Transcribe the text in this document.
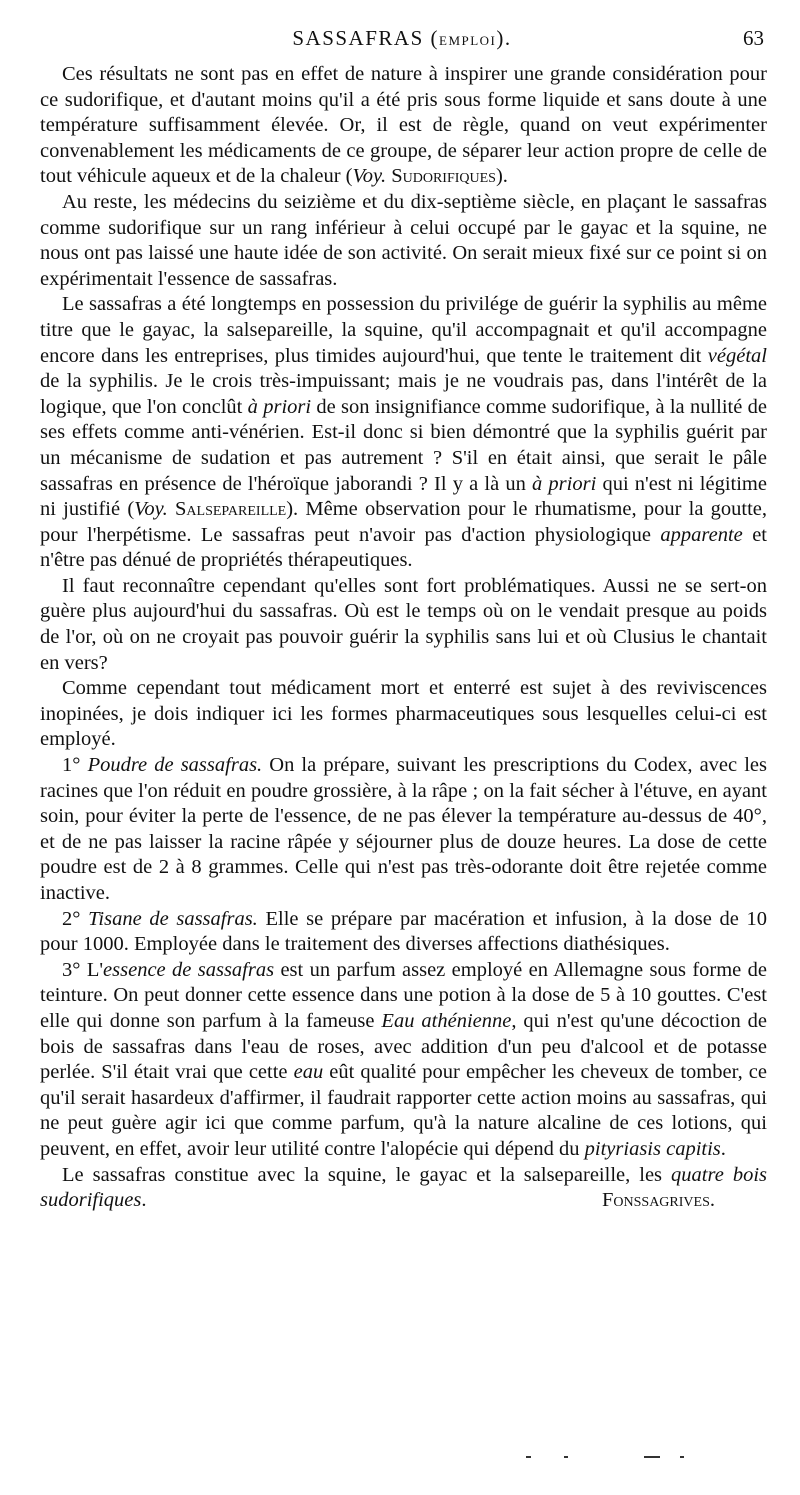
SASSAFRAS (emploi).	63

Ces résultats ne sont pas en effet de nature à inspirer une grande considération pour ce sudorifique, et d'autant moins qu'il a été pris sous forme liquide et sans doute à une température suffisamment élevée. Or, il est de règle, quand on veut expérimenter convenablement les médicaments de ce groupe, de séparer leur action propre de celle de tout véhicule aqueux et de la chaleur (Voy. Sudorifiques).

Au reste, les médecins du seizième et du dix-septième siècle, en plaçant le sassafras comme sudorifique sur un rang inférieur à celui occupé par le gayac et la squine, ne nous ont pas laissé une haute idée de son activité. On serait mieux fixé sur ce point si on expérimentait l'essence de sassafras.

Le sassafras a été longtemps en possession du privilége de guérir la syphilis au même titre que le gayac, la salsepareille, la squine, qu'il accompagnait et qu'il accompagne encore dans les entreprises, plus timides aujourd'hui, que tente le traitement dit végétal de la syphilis. Je le crois très-impuissant; mais je ne voudrais pas, dans l'intérêt de la logique, que l'on conclût à priori de son insignifiance comme sudorifique, à la nullité de ses effets comme anti-vénérien. Est-il donc si bien démontré que la syphilis guérit par un mécanisme de sudation et pas autrement ? S'il en était ainsi, que serait le pâle sassafras en présence de l'héroïque jaborandi ? Il y a là un à priori qui n'est ni légitime ni justifié (Voy. Salsepareille). Même observation pour le rhumatisme, pour la goutte, pour l'herpétisme. Le sassafras peut n'avoir pas d'action physiologique apparente et n'être pas dénué de propriétés thérapeutiques.

Il faut reconnaître cependant qu'elles sont fort problématiques. Aussi ne se sert-on guère plus aujourd'hui du sassafras. Où est le temps où on le vendait presque au poids de l'or, où on ne croyait pas pouvoir guérir la syphilis sans lui et où Clusius le chantait en vers?

Comme cependant tout médicament mort et enterré est sujet à des reviviscences inopinées, je dois indiquer ici les formes pharmaceutiques sous lesquelles celui-ci est employé.

1° Poudre de sassafras. On la prépare, suivant les prescriptions du Codex, avec les racines que l'on réduit en poudre grossière, à la râpe ; on la fait sécher à l'étuve, en ayant soin, pour éviter la perte de l'essence, de ne pas élever la température au-dessus de 40°, et de ne pas laisser la racine râpée y séjourner plus de douze heures. La dose de cette poudre est de 2 à 8 grammes. Celle qui n'est pas très-odorante doit être rejetée comme inactive.

2° Tisane de sassafras. Elle se prépare par macération et infusion, à la dose de 10 pour 1000. Employée dans le traitement des diverses affections diathésiques.

3° L'essence de sassafras est un parfum assez employé en Allemagne sous forme de teinture. On peut donner cette essence dans une potion à la dose de 5 à 10 gouttes. C'est elle qui donne son parfum à la fameuse Eau athénienne, qui n'est qu'une décoction de bois de sassafras dans l'eau de roses, avec addition d'un peu d'alcool et de potasse perlée. S'il était vrai que cette eau eût qualité pour empêcher les cheveux de tomber, ce qu'il serait hasardeux d'affirmer, il faudrait rapporter cette action moins au sassafras, qui ne peut guère agir ici que comme parfum, qu'à la nature alcaline de ces lotions, qui peuvent, en effet, avoir leur utilité contre l'alopécie qui dépend du pityriasis capitis.

Le sassafras constitue avec la squine, le gayac et la salsepareille, les quatre bois sudorifiques.	Fonssagrives.
